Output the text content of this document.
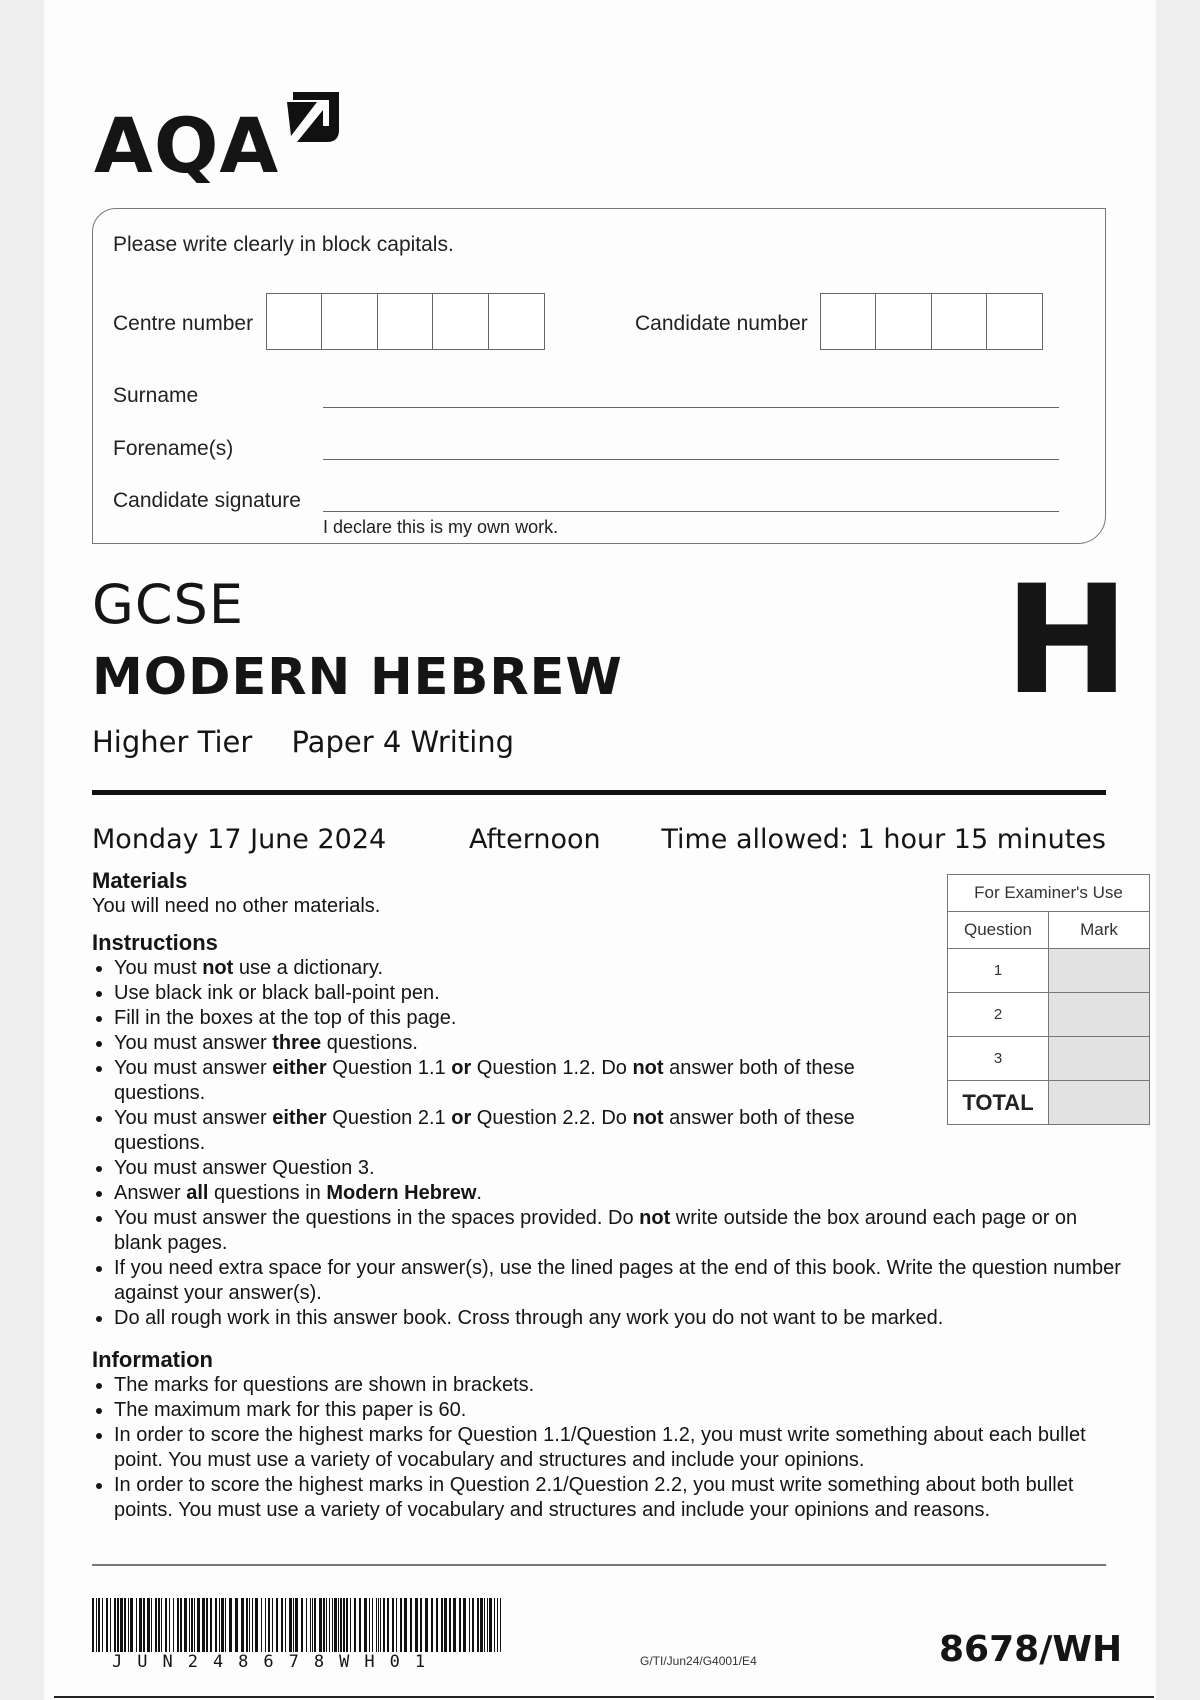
AQA
Please write clearly in block capitals.
Centre number	Candidate number
Surname
Forename(s)
Candidate signature
I declare this is my own work.
GCSE
MODERN HEBREW
Higher Tier Paper 4 Writing
H
Monday 17 June 2024	Afternoon Time allowed: 1 hour 15 minutes
Materials
You will need no other materials.
Instructions
• You must not use a dictionary.
• Use black ink or black ball-point pen.
• Fill in the boxes at the top of this page.
• You must answer three questions.
• You must answer either Question 1.1 or Question 1.2. Do not answer both of these questions.
• You must answer either Question 2.1 or Question 2.2. Do not answer both of these questions.
• You must answer Question 3.
• Answer all questions in Modern Hebrew.
• You must answer the questions in the spaces provided. Do not write outside the box around each page or on blank pages.
• If you need extra space for your answer(s), use the lined pages at the end of this book. Write the question number against your answer(s).
• Do all rough work in this answer book. Cross through any work you do not want to be marked.
Information
• The marks for questions are shown in brackets.
• The maximum mark for this paper is 60.
• In order to score the highest marks for Question 1.1/Question 1.2, you must write something about each bullet point. You must use a variety of vocabulary and structures and include your opinions.
• In order to score the highest marks in Question 2.1/Question 2.2, you must write something about both bullet points. You must use a variety of vocabulary and structures and include your opinions and reasons.
For Examiner's Use	
Question	Mark
1	
2	
3	
TOTAL	
JUN248678WH01	G/TI/Jun24/G4001/E4	8678/WH
